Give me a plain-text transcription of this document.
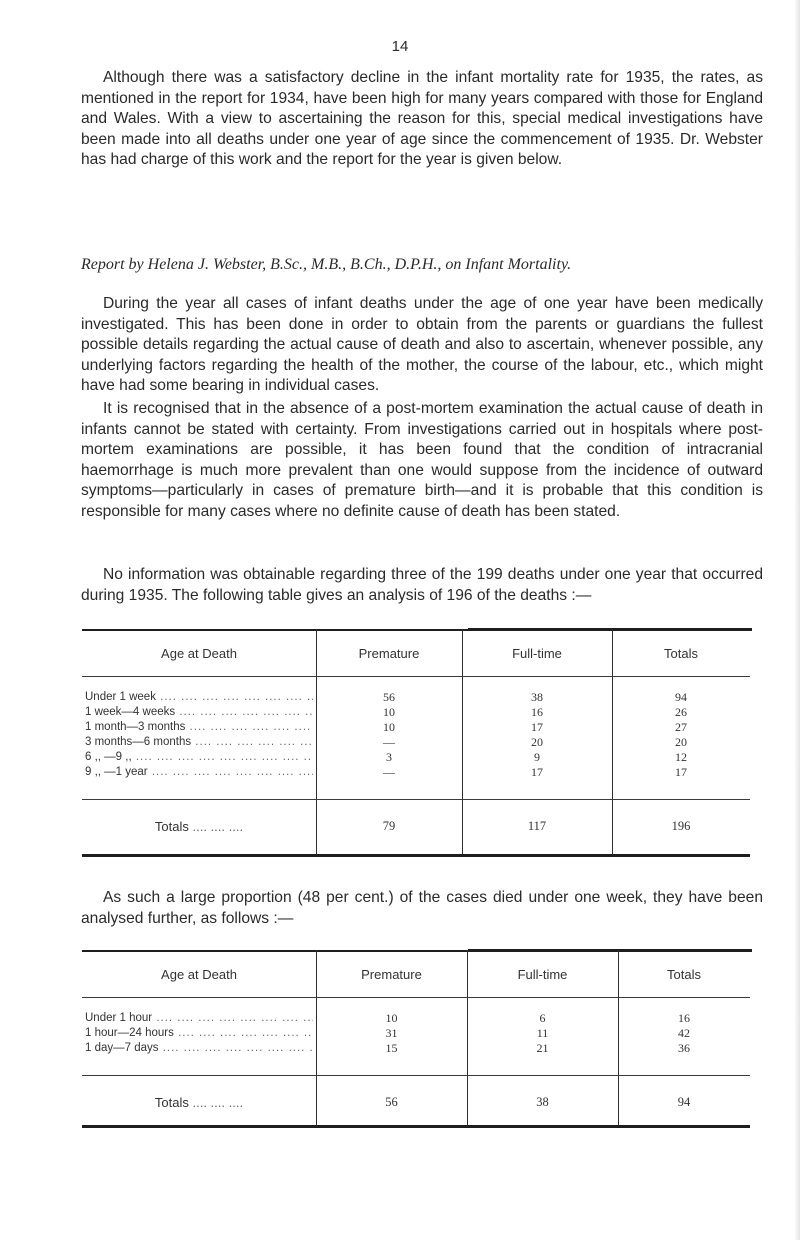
14

Although there was a satisfactory decline in the infant mortality rate for 1935, the rates, as mentioned in the report for 1934, have been high for many years compared with those for England and Wales. With a view to ascertaining the reason for this, special medical investigations have been made into all deaths under one year of age since the commencement of 1935. Dr. Webster has had charge of this work and the report for the year is given below.

Report by Helena J. Webster, B.Sc., M.B., B.Ch., D.P.H., on Infant Mortality.

During the year all cases of infant deaths under the age of one year have been medically investigated. This has been done in order to obtain from the parents or guardians the fullest possible details regarding the actual cause of death and also to ascertain, whenever possible, any underlying factors regarding the health of the mother, the course of the labour, etc., which might have had some bearing in individual cases.

It is recognised that in the absence of a post-mortem examination the actual cause of death in infants cannot be stated with certainty. From investigations carried out in hospitals where post-mortem examinations are possible, it has been found that the condition of intracranial haemorrhage is much more prevalent than one would suppose from the incidence of outward symptoms—particularly in cases of premature birth—and it is probable that this condition is responsible for many cases where no definite cause of death has been stated.

No information was obtainable regarding three of the 199 deaths under one year that occurred during 1935. The following table gives an analysis of 196 of the deaths :—

Age at Death	Premature	Full-time	Totals
Under 1 week ....	56	38	94
1 week—4 weeks ....	10	16	26
1 month—3 months ....	10	17	27
3 months—6 months ....	—	20	20
6 ,, —9 ,, ....	3	9	12
9 ,, —1 year ....	—	17	17
Totals ....	79	117	196

As such a large proportion (48 per cent.) of the cases died under one week, they have been analysed further, as follows :—

Age at Death	Premature	Full-time	Totals
Under 1 hour ....	10	6	16
1 hour—24 hours ....	31	11	42
1 day—7 days ....	15	21	36
Totals ....	56	38	94
